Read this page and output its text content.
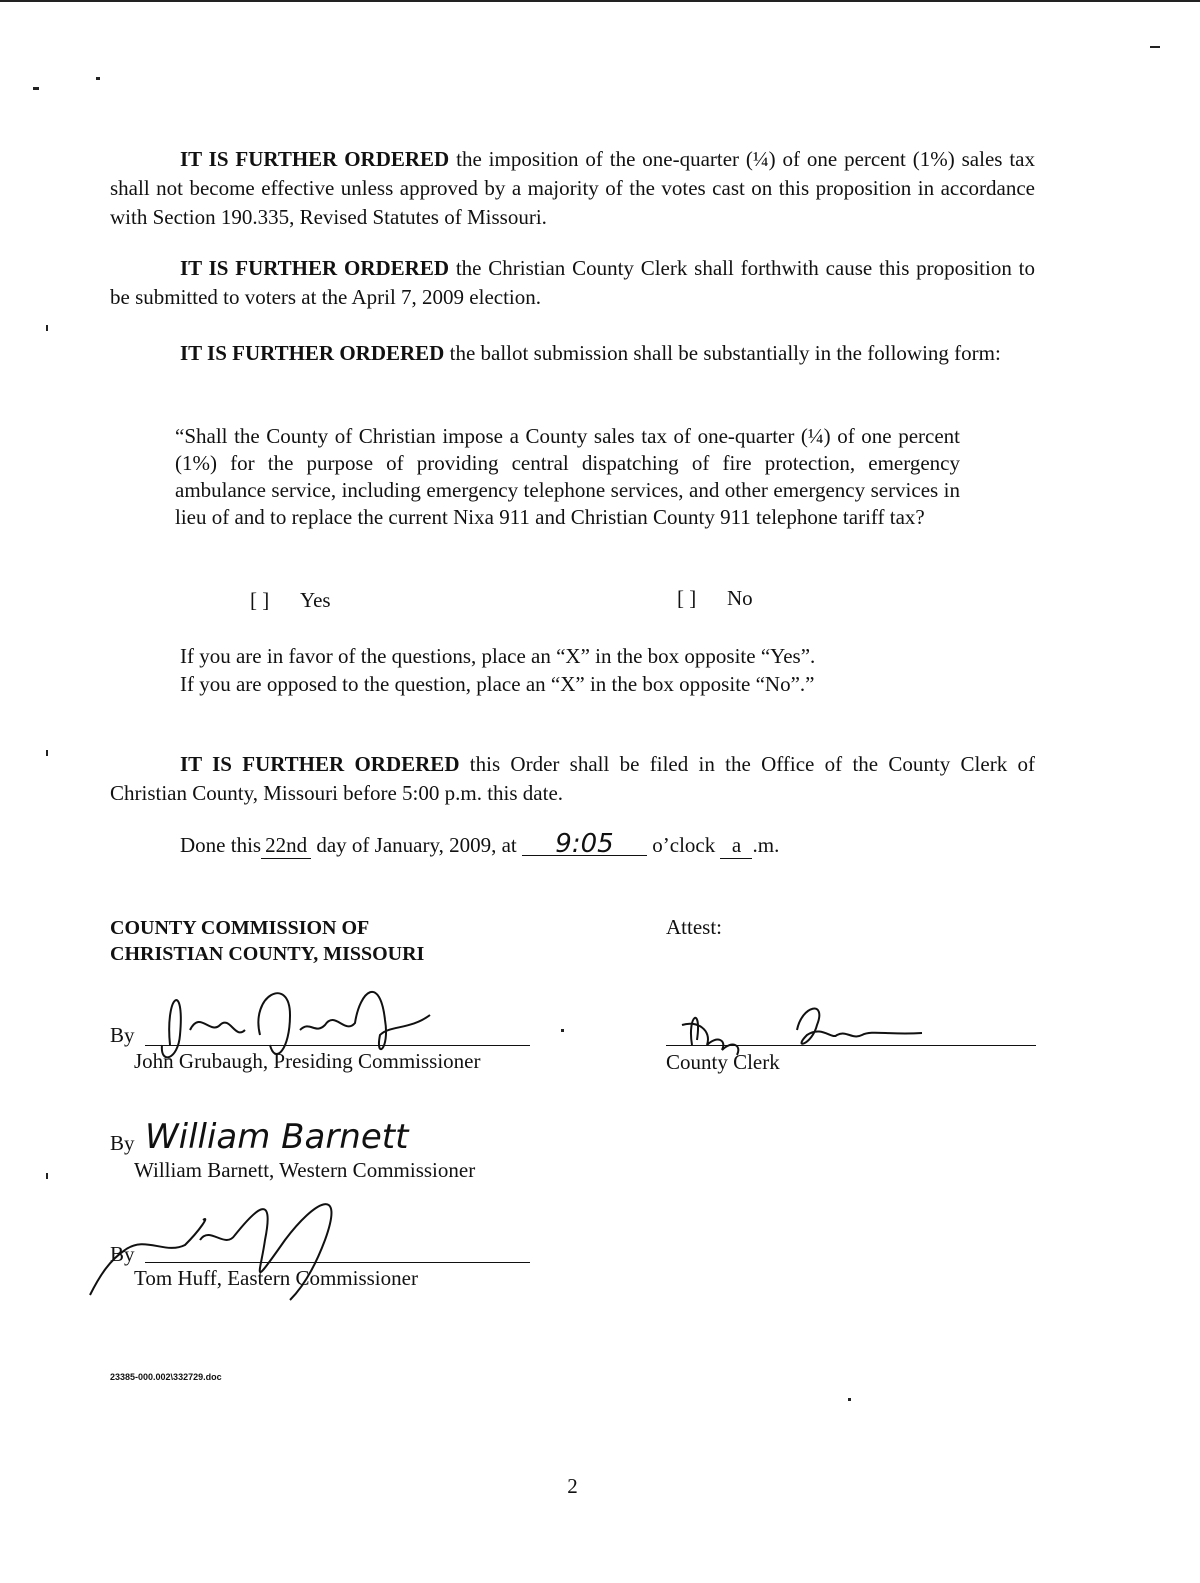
IT IS FURTHER ORDERED the imposition of the one-quarter (¼) of one percent (1%) sales tax shall not become effective unless approved by a majority of the votes cast on this proposition in accordance with Section 190.335, Revised Statutes of Missouri.

IT IS FURTHER ORDERED the Christian County Clerk shall forthwith cause this proposition to be submitted to voters at the April 7, 2009 election.

IT IS FURTHER ORDERED the ballot submission shall be substantially in the following form:

“Shall the County of Christian impose a County sales tax of one-quarter (¼) of one percent (1%) for the purpose of providing central dispatching of fire protection, emergency ambulance service, including emergency telephone services, and other emergency services in lieu of and to replace the current Nixa 911 and Christian County 911 telephone tariff tax?

[ ] Yes	[ ] No

If you are in favor of the questions, place an “X” in the box opposite “Yes”.

If you are opposed to the question, place an “X” in the box opposite “No”.”

IT IS FURTHER ORDERED this Order shall be filed in the Office of the County Clerk of Christian County, Missouri before 5:00 p.m. this date.

Done this 22nd day of January, 2009, at 9:05 o’clock a .m.
COUNTY COMMISSION OF
CHRISTIAN COUNTY, MISSOURI
Attest:
By
John Grubaugh, Presiding Commissioner
By William Barnett
William Barnett, Western Commissioner
By
Tom Huff, Eastern Commissioner
County Clerk
23385-000.002\332729.doc
2
